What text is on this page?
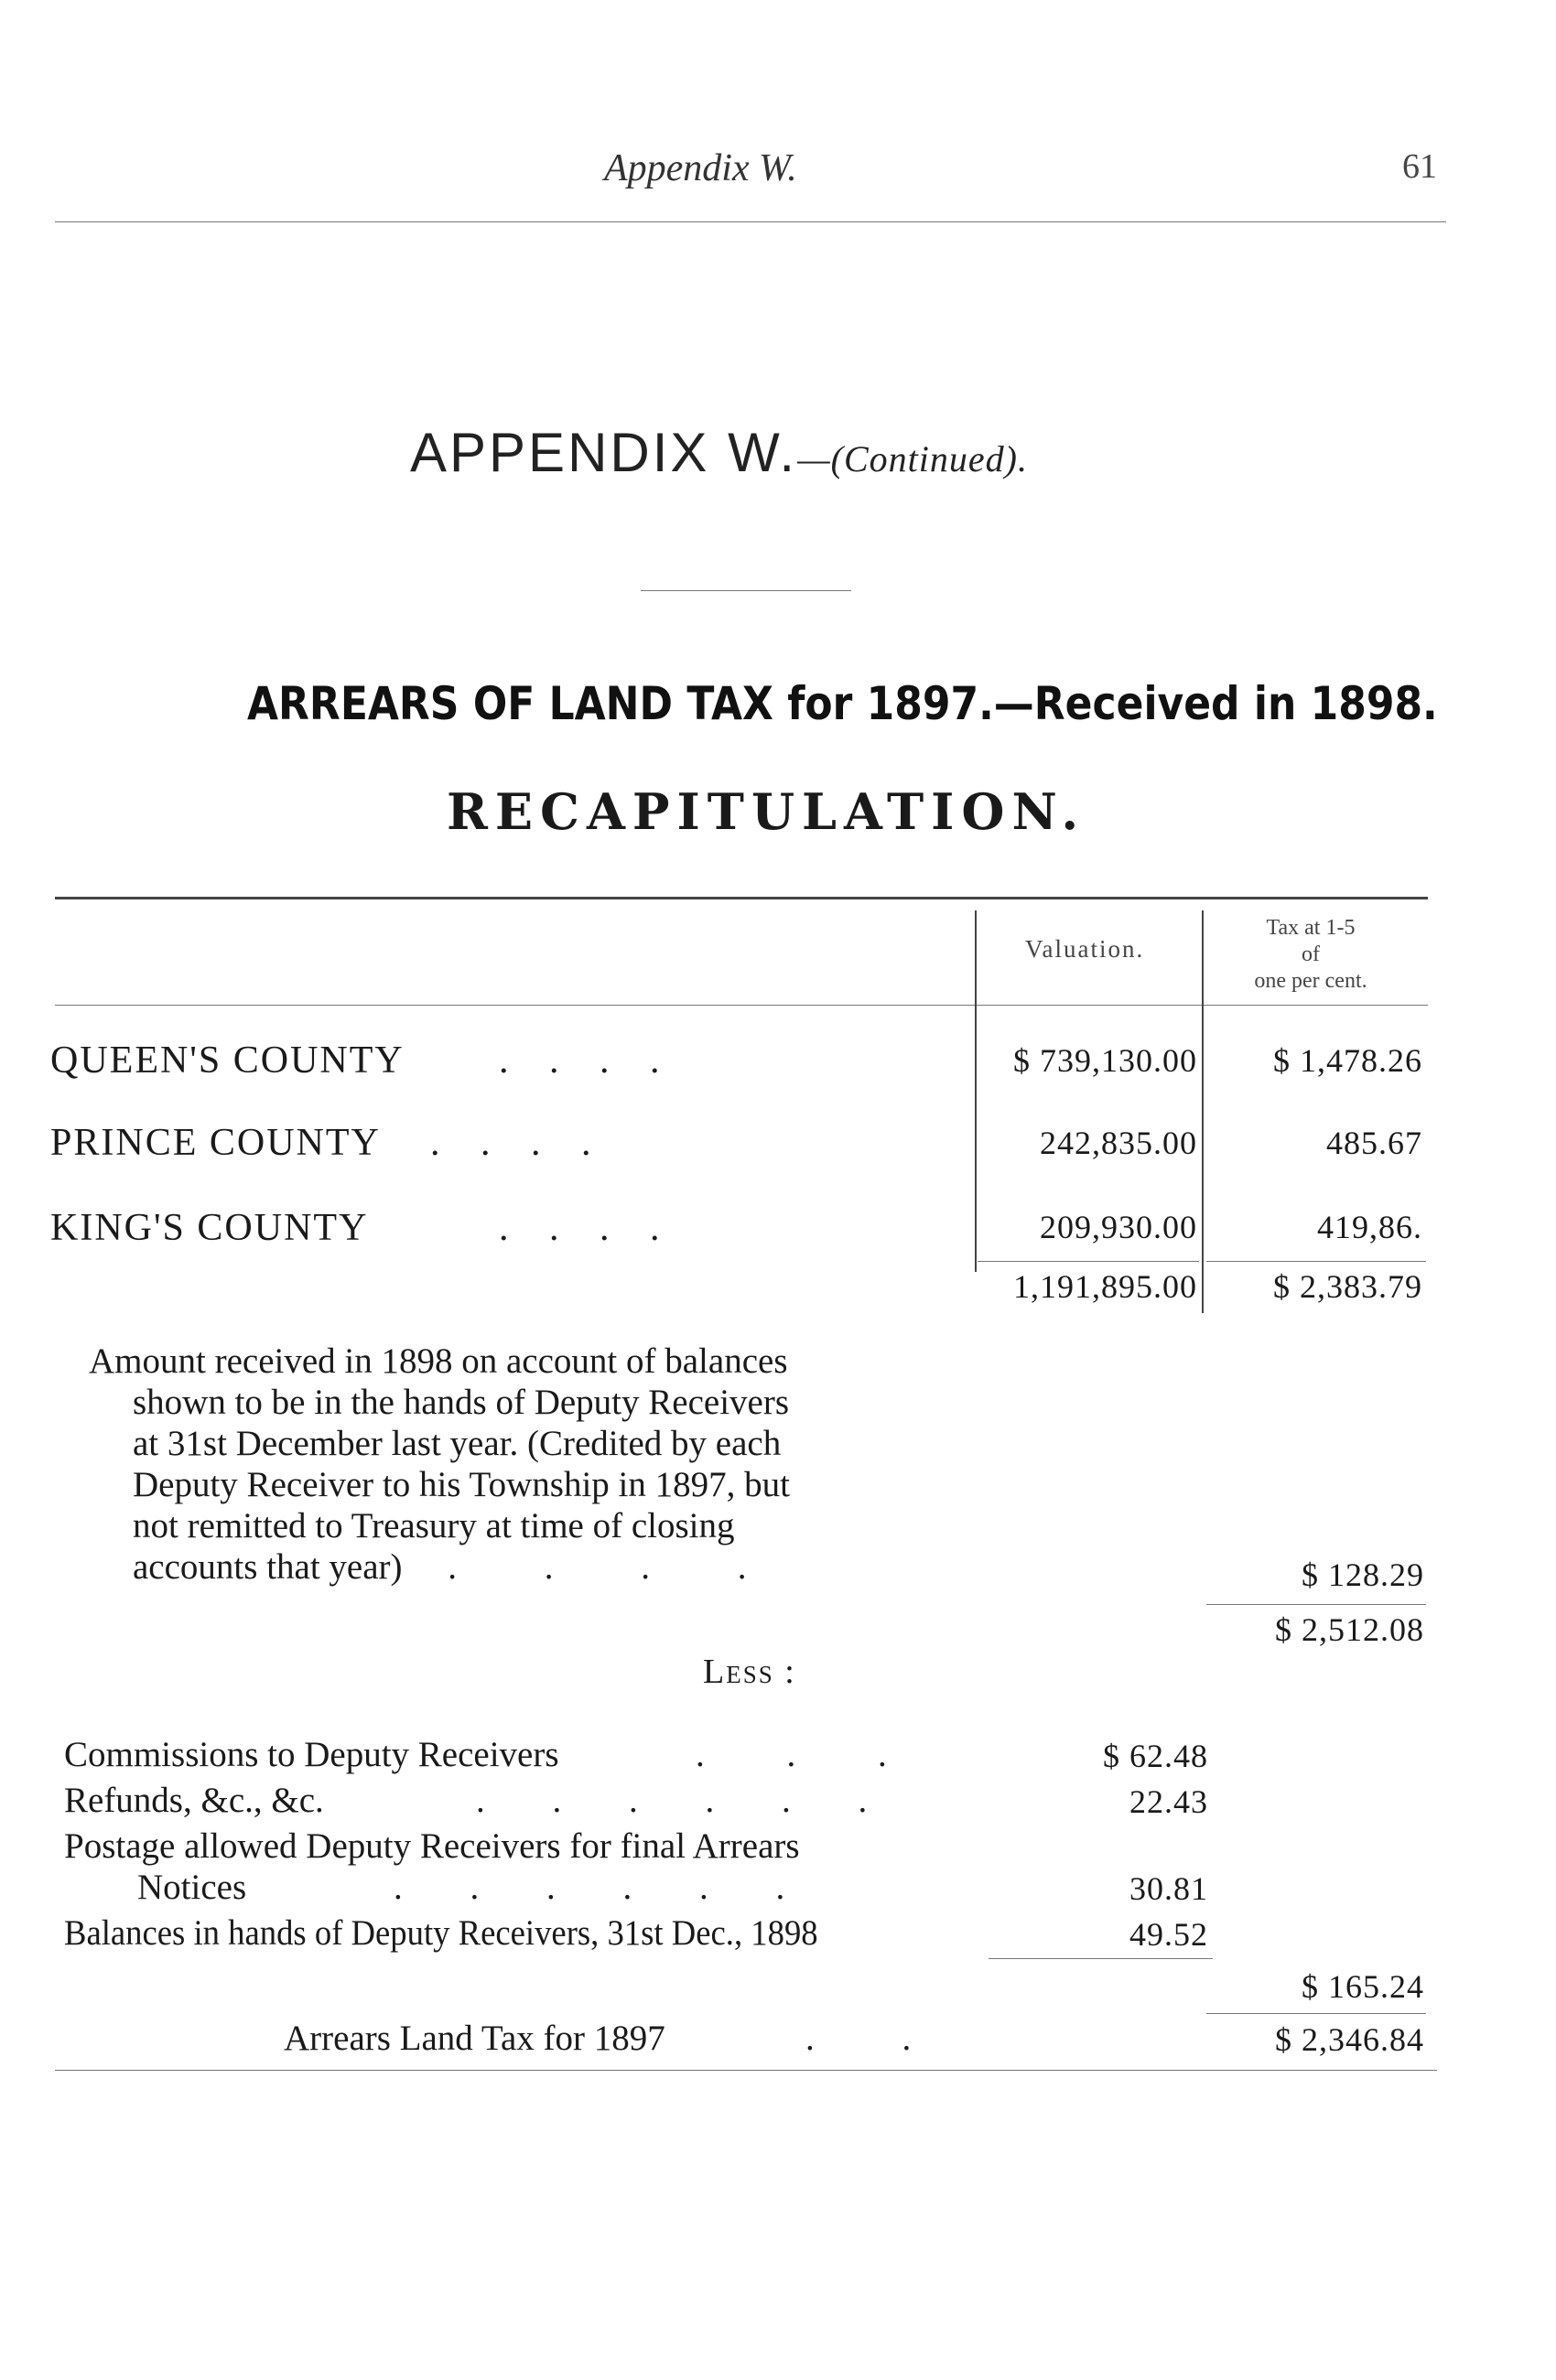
Appendix W.	61
APPENDIX W.—(Continued).
ARREARS OF LAND TAX for 1897.—Received in 1898.
RECAPITULATION.
Valuation.
Tax at 1-5
of
one per cent.
QUEEN'S COUNTY . . . .	$ 739,130.00	$ 1,478.26
PRINCE COUNTY . . . .	242,835.00	485.67
KING'S COUNTY	. . . .	209,930.00	419,86.
1,191,895.00	$ 2,383.79
Amount received in 1898 on account of balances
shown to be in the hands of Deputy Receivers
at 31st December last year. (Credited by each
Deputy Receiver to his Township in 1897, but
not remitted to Treasury at time of closing
accounts that year) . . . .	$ 128.29
$ 2,512.08
Less :
Commissions to Deputy Receivers	. . .	$ 62.48
Refunds, &c., &c.	. . . . . .	22.43
Postage allowed Deputy Receivers for final Arrears
Notices	. . . . . .	30.81
Balances in hands of Deputy Receivers, 31st Dec., 1898	49.52
$ 165.24
Arrears Land Tax for 1897	. .	$ 2,346.84
